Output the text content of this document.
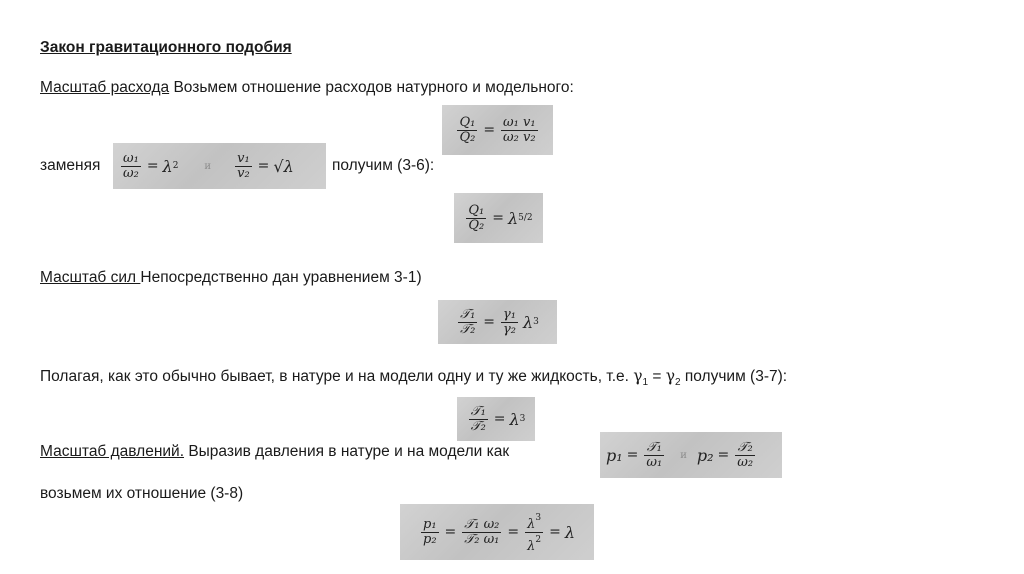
Закон гравитационного подобия
Масштаб расхода Возьмем отношение расходов натурного и модельного:
$\frac{\text{Q₁}}{\text{Q₂}} = \frac{\text{ω₁ v₁}}{\text{ω₂ v₂}}$
заменяя $\frac{\text{ω₁}}{\text{ω₂}} = \lambda$ 2	и $\frac{\text{v₁}}{\text{v₂}} = √\lambda$ получим (3-6):
$\frac{\text{Q₁}}{\text{Q₂}} = \lambda$ 5/2
Масштаб сил Непосредственно дан уравнением 3-1)
$\frac{\text{𝒯₁}}{\text{𝒯₂}} = \frac{\text{γ₁}}{\text{γ₂}}$ λ 3
Полагая, как это обычно бывает, в натуре и на модели одну и ту же жидкость, т.е. $\gamma_1 = \gamma_2$ получим (3-7):
$\frac{\text{𝒯₁}}{\text{𝒯₂}} = \lambda$ 3
Масштаб давлений. Выразив давления в натуре и на модели как	$p_1 = \frac{\text{𝒯₁}}{\text{ω₁}}$ и $p_2 = \frac{\text{𝒯₂}}{\text{ω₂}}$
возьмем их отношение (3-8)
$\frac{\text{p₁}}{\text{p₂}} = \frac{\text{𝒯₁ ω₂}}{\text{𝒯₂ ω₁}} = \frac{\lambda^3}{\lambda^2} = \lambda$
